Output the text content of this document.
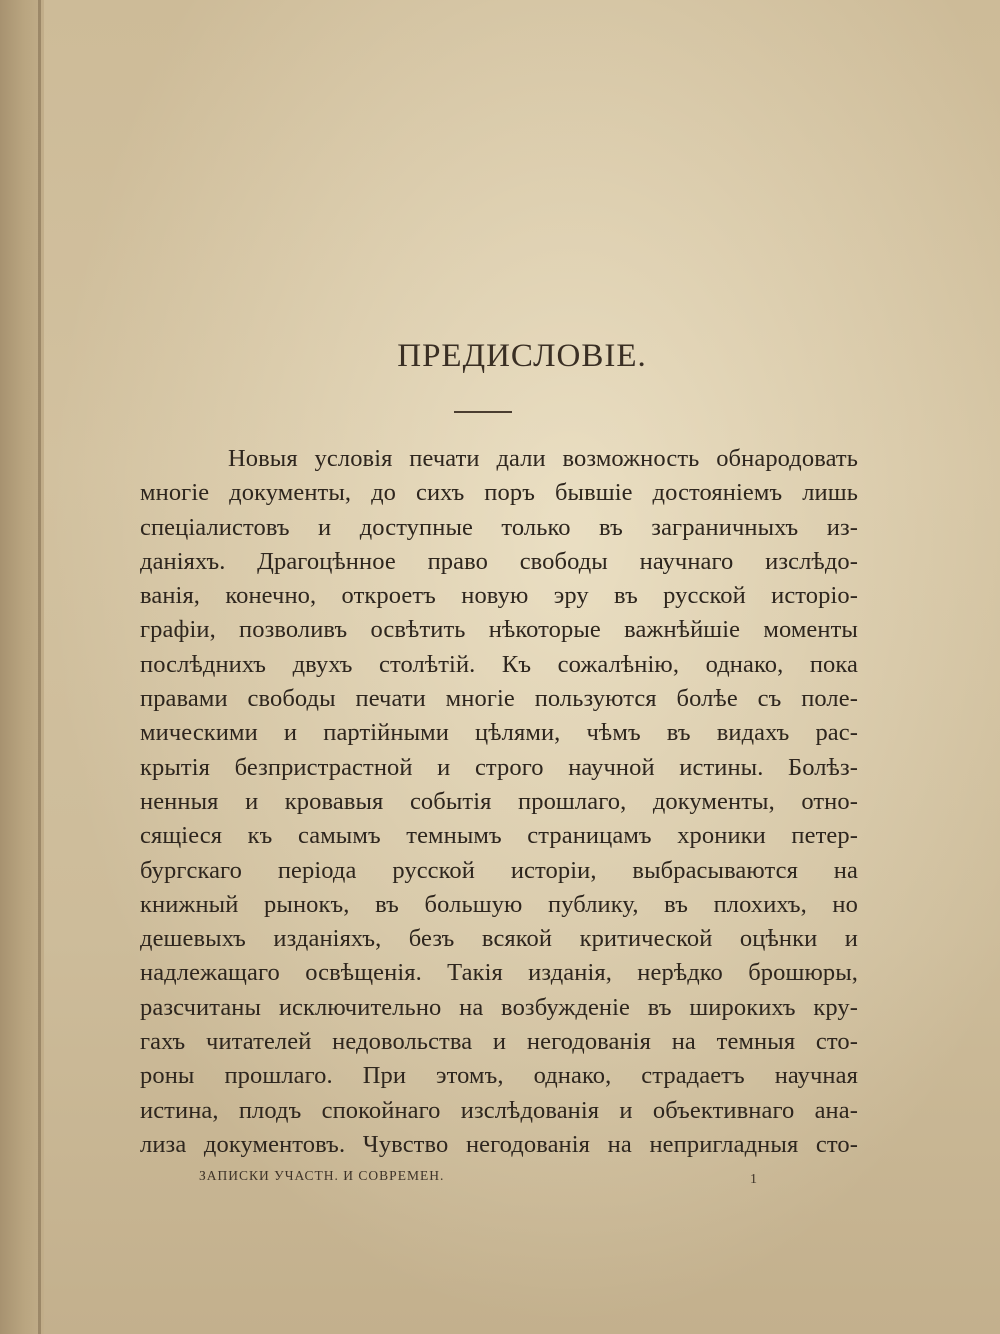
ПРЕДИСЛОВІЕ.
Новыя условія печати дали возможность обнародовать
многіе документы, до сихъ поръ бывшіе достояніемъ лишь
спеціалистовъ и доступные только въ заграничныхъ из-
даніяхъ. Драгоцѣнное право свободы научнаго изслѣдо-
ванія, конечно, откроетъ новую эру въ русской исторіо-
графіи, позволивъ освѣтить нѣкоторые важнѣйшіе моменты
послѣднихъ двухъ столѣтій. Къ сожалѣнію, однако, пока
правами свободы печати многіе пользуются болѣе съ поле-
мическими и партійными цѣлями, чѣмъ въ видахъ рас-
крытія безпристрастной и строго научной истины. Болѣз-
ненныя и кровавыя событія прошлаго, документы, отно-
сящіеся къ самымъ темнымъ страницамъ хроники петер-
бургскаго періода русской исторіи, выбрасываются на
книжный рынокъ, въ большую публику, въ плохихъ, но
дешевыхъ изданіяхъ, безъ всякой критической оцѣнки и
надлежащаго освѣщенія. Такія изданія, нерѣдко брошюры,
разсчитаны исключительно на возбужденіе въ широкихъ кру-
гахъ читателей недовольства и негодованія на темныя сто-
роны прошлаго. При этомъ, однако, страдаетъ научная
истина, плодъ спокойнаго изслѣдованія и объективнаго ана-
лиза документовъ. Чувство негодованія на непригладныя сто-

ЗАПИСКИ УЧАСТН. И СОВРЕМЕН.	1
